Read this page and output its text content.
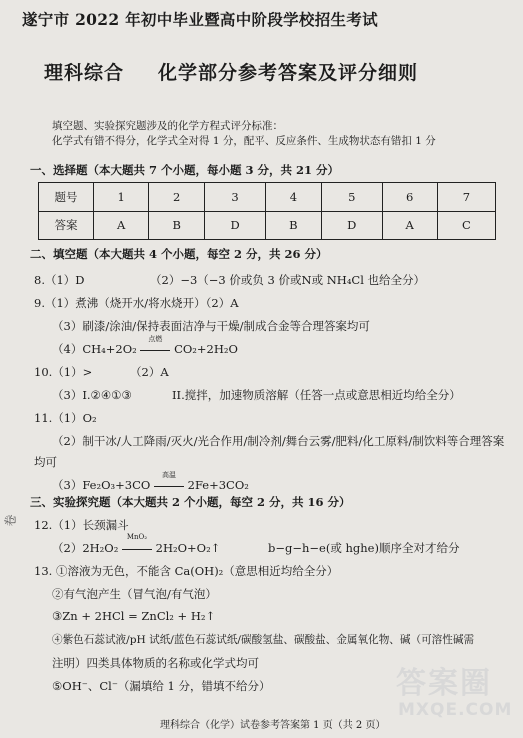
遂宁市 2022 年初中毕业暨高中阶段学校招生考试
理科综合 化学部分参考答案及评分细则
填空题、实验探究题涉及的化学方程式评分标准：
化学式有错不得分，化学式全对得 1 分，配平、反应条件、生成物状态有错扣 1 分
一、选择题（本大题共 7 个小题，每小题 3 分，共 21 分）
题号	1	2	3	4	5	6	7
答案	A	B	D	B	D	A	C
二、填空题（本大题共 4 个小题，每空 2 分，共 26 分）
8.（1）D	（2）−3（−3 价或负 3 价或N或 NH₄Cl 也给全分）
9.（1）煮沸（烧开水/将水烧开）（2）A
（3）刷漆/涂油/保持表面洁净与干燥/制成合金等合理答案均可
（4）CH₄+2O₂
点燃
CO₂+2H₂O
10.（1）>	（2）A
（3）I.②④①③	II.搅拌，加速物质溶解（任答一点或意思相近均给全分）
11.（1）O₂
（2）制干冰/人工降雨/灭火/光合作用/制冷剂/舞台云雾/肥料/化工原料/制饮料等合理答案
均可
（3）Fe₂O₃+3CO
高温
2Fe+3CO₂
三、实验探究题（本大题共 2 个小题，每空 2 分，共 16 分）
12.（1）长颈漏斗
（2）2H₂O₂
MnO₂
2H₂O+O₂↑	b−g−h−e(或 hghe)顺序全对才给分
13. ①溶液为无色，不能含 Ca(OH)₂（意思相近均给全分）
②有气泡产生（冒气泡/有气泡）
③Zn + 2HCl = ZnCl₂ + H₂↑
④紫色石蕊试液/pH 试纸/蓝色石蕊试纸/碳酸氢盐、碳酸盐、金属氧化物、碱（可溶性碱需
注明）四类具体物质的名称或化学式均可
⑤OH⁻、Cl⁻（漏填给 1 分，错填不给分）
卷
答案圈
MXQE.COM
理科综合（化学）试卷参考答案第 1 页（共 2 页）
